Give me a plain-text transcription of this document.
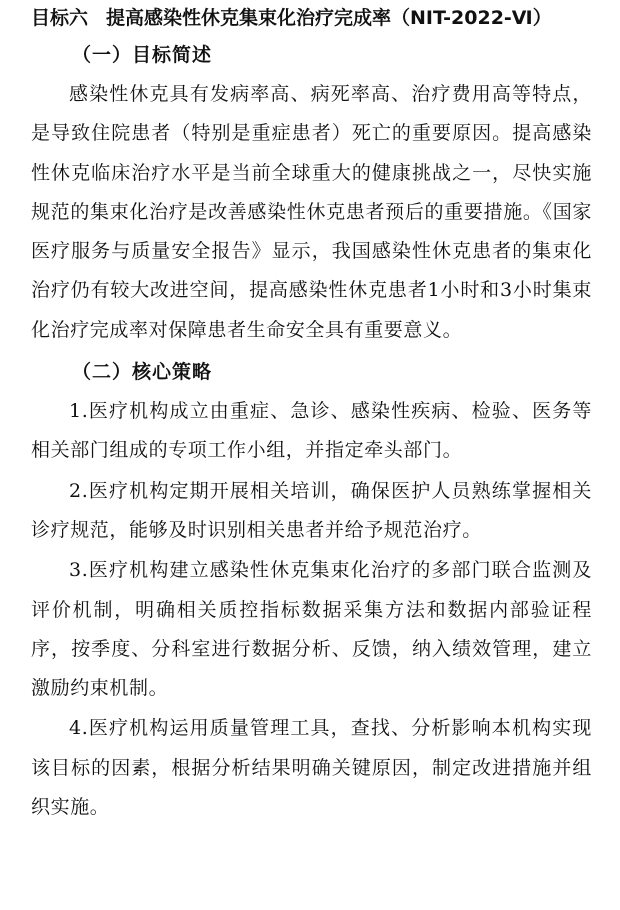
目标六 提高感染性休克集束化治疗完成率（NIT-2022-Ⅵ）
（一）目标简述

感染性休克具有发病率高、病死率高、治疗费用高等特点，是导致住院患者（特别是重症患者）死亡的重要原因。提高感染性休克临床治疗水平是当前全球重大的健康挑战之一，尽快实施规范的集束化治疗是改善感染性休克患者预后的重要措施。《国家医疗服务与质量安全报告》显示，我国感染性休克患者的集束化治疗仍有较大改进空间，提高感染性休克患者1小时和3小时集束化治疗完成率对保障患者生命安全具有重要意义。

（二）核心策略

1.医疗机构成立由重症、急诊、感染性疾病、检验、医务等相关部门组成的专项工作小组，并指定牵头部门。

2.医疗机构定期开展相关培训，确保医护人员熟练掌握相关诊疗规范，能够及时识别相关患者并给予规范治疗。

3.医疗机构建立感染性休克集束化治疗的多部门联合监测及评价机制，明确相关质控指标数据采集方法和数据内部验证程序，按季度、分科室进行数据分析、反馈，纳入绩效管理，建立激励约束机制。

4.医疗机构运用质量管理工具，查找、分析影响本机构实现该目标的因素，根据分析结果明确关键原因，制定改进措施并组织实施。
